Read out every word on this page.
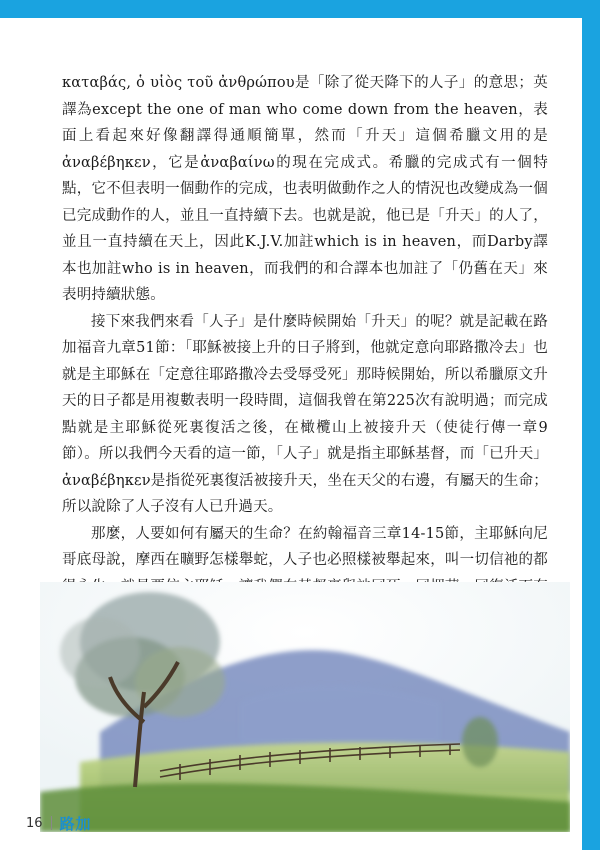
καταβάς, ὁ υἱὸς τοῦ ἀνθρώπου是「除了從天降下的人子」的意思；英譯為except the one of man who come down from the heaven，表面上看起來好像翻譯得通順簡單，然而「升天」這個希臘文用的是ἀναβέβηκεν，它是ἀναβαίνω的現在完成式。希臘的完成式有一個特點，它不但表明一個動作的完成，也表明做動作之人的情況也改變成為一個已完成動作的人，並且一直持續下去。也就是說，他已是「升天」的人了，並且一直持續在天上，因此K.J.V.加註which is in heaven，而Darby譯本也加註who is in heaven，而我們的和合譯本也加註了「仍舊在天」來表明持續狀態。

接下來我們來看「人子」是什麼時候開始「升天」的呢？就是記載在路加福音九章51節：「耶穌被接上升的日子將到，他就定意向耶路撒冷去」也就是主耶穌在「定意往耶路撒冷去受辱受死」那時候開始，所以希臘原文升天的日子都是用複數表明一段時間，這個我曾在第225次有說明過；而完成點就是主耶穌從死裏復活之後，在橄欖山上被接升天（使徒行傳一章9節）。所以我們今天看的這一節，「人子」就是指主耶穌基督，而「已升天」ἀναβέβηκεν是指從死裏復活被接升天，坐在天父的右邊，有屬天的生命；所以說除了人子沒有人已升過天。

那麼，人要如何有屬天的生命？在約翰福音三章14-15節，主耶穌向尼哥底母說，摩西在曠野怎樣舉蛇，人子也必照樣被舉起來，叫一切信祂的都

16 路加
